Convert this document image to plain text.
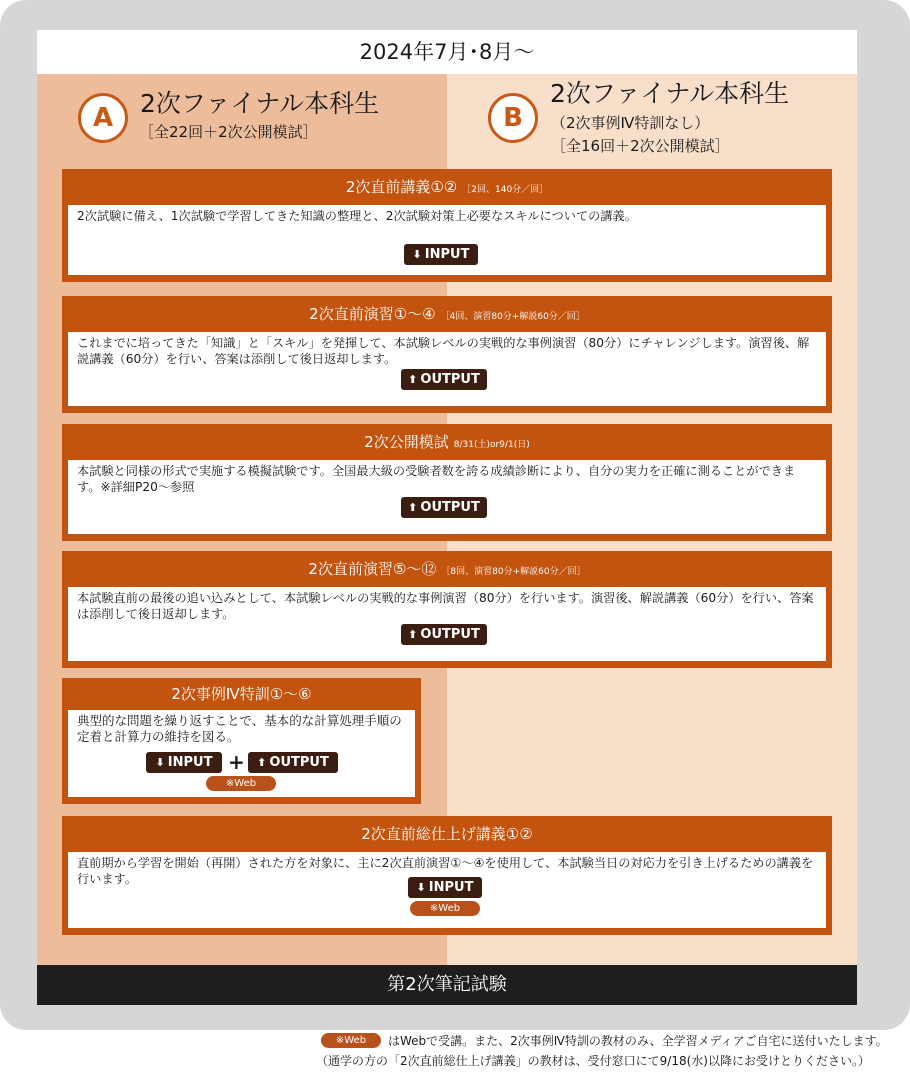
2024年7月･8月～
A	2次ファイナル本科生
［全22回＋2次公開模試］	B
2次ファイナル本科生
（2次事例Ⅳ特訓なし）
［全16回＋2次公開模試］
2次直前講義①② ［2回、140分／回］
2次試験に備え、1次試験で学習してきた知識の整理と、2次試験対策上必要なスキルについての講義。
⬇ INPUT
2次直前演習①～④ ［4回、演習80分+解説60分／回］
これまでに培ってきた「知識」と「スキル」を発揮して、本試験レベルの実戦的な事例演習（80分）にチャレンジします。演習後、解説講義（60分）を行い、答案は添削して後日返却します。
⬆ OUTPUT
2次公開模試 8/31(土)or9/1(日)
本試験と同様の形式で実施する模擬試験です。全国最大級の受験者数を誇る成績診断により、自分の実力を正確に測ることができます。※詳細P20～参照
⬆ OUTPUT
2次直前演習⑤～⑫ ［8回、演習80分+解説60分／回］
本試験直前の最後の追い込みとして、本試験レベルの実戦的な事例演習（80分）を行います。演習後、解説講義（60分）を行い、答案は添削して後日返却します。
⬆ OUTPUT
2次事例Ⅳ特訓①～⑥
典型的な問題を繰り返すことで、基本的な計算処理手順の定着と計算力の維持を図る。
⬇ INPUT +	⬆ OUTPUT
※Web
2次直前総仕上げ講義①②
直前期から学習を開始（再開）された方を対象に、主に2次直前演習①～④を使用して、本試験当日の対応力を引き上げるための講義を行います。
⬇ INPUT
※Web
第2次筆記試験
※Web	はWebで受講。また、2次事例Ⅳ特訓の教材のみ、全学習メディアご自宅に送付いたします。
（通学の方の「2次直前総仕上げ講義」の教材は、受付窓口にて9/18(水)以降にお受けとりください。）
